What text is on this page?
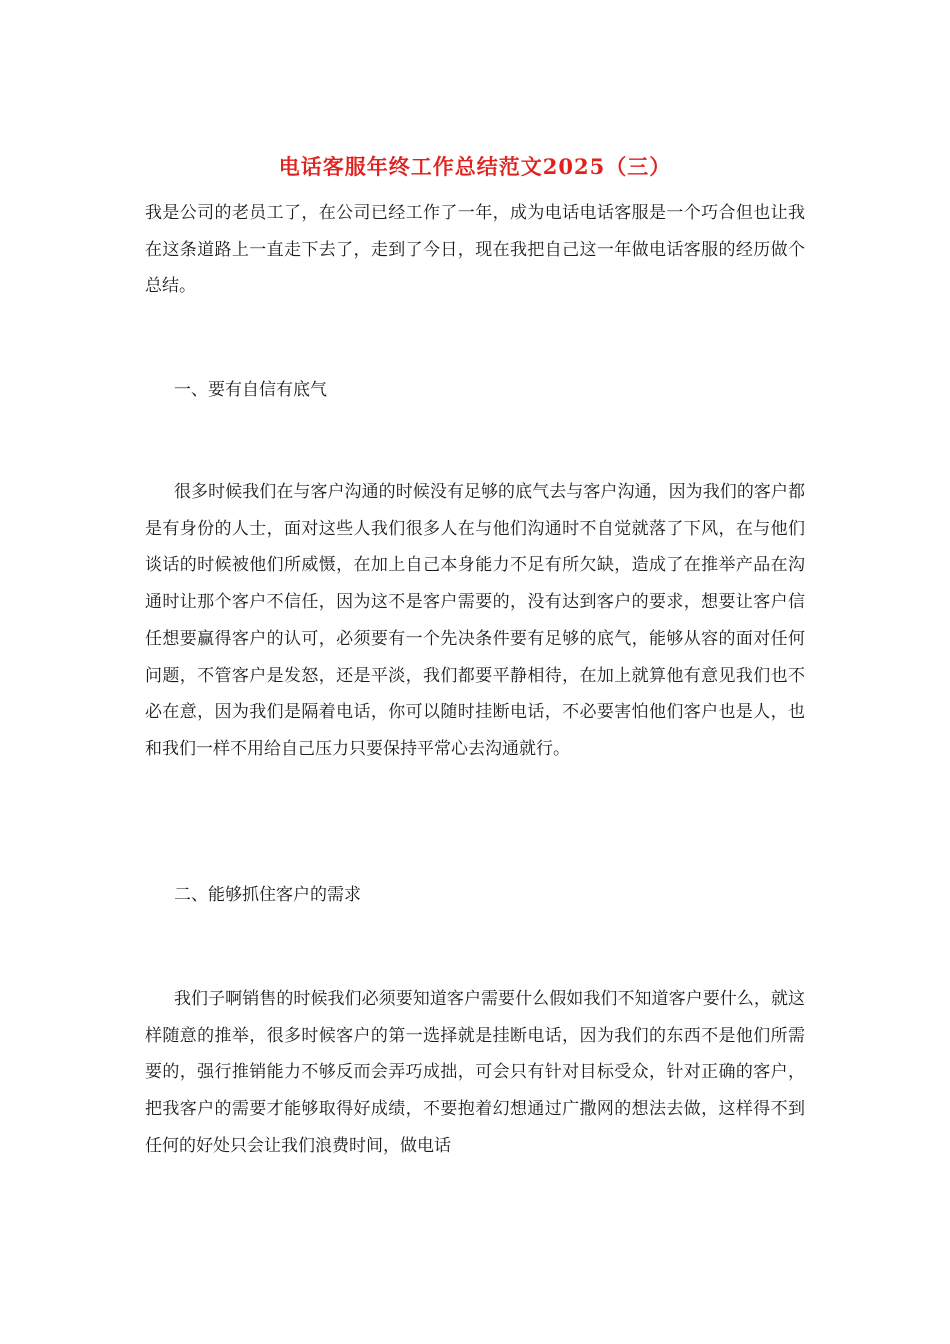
电话客服年终工作总结范文2025（三）

我是公司的老员工了，在公司已经工作了一年，成为电话电话客服是一个巧合但也让我在这条道路上一直走下去了，走到了今日，现在我把自己这一年做电话客服的经历做个总结。

一、要有自信有底气

很多时候我们在与客户沟通的时候没有足够的底气去与客户沟通，因为我们的客户都是有身份的人士，面对这些人我们很多人在与他们沟通时不自觉就落了下风，在与他们谈话的时候被他们所威慑，在加上自己本身能力不足有所欠缺，造成了在推举产品在沟通时让那个客户不信任，因为这不是客户需要的，没有达到客户的要求，想要让客户信任想要赢得客户的认可，必须要有一个先决条件要有足够的底气，能够从容的面对任何问题，不管客户是发怒，还是平淡，我们都要平静相待，在加上就算他有意见我们也不必在意，因为我们是隔着电话，你可以随时挂断电话，不必要害怕他们客户也是人，也和我们一样不用给自己压力只要保持平常心去沟通就行。

二、能够抓住客户的需求

我们子啊销售的时候我们必须要知道客户需要什么假如我们不知道客户要什么，就这样随意的推举，很多时候客户的第一选择就是挂断电话，因为我们的东西不是他们所需要的，强行推销能力不够反而会弄巧成拙，可会只有针对目标受众，针对正确的客户，把我客户的需要才能够取得好成绩，不要抱着幻想通过广撒网的想法去做，这样得不到任何的好处只会让我们浪费时间，做电话
